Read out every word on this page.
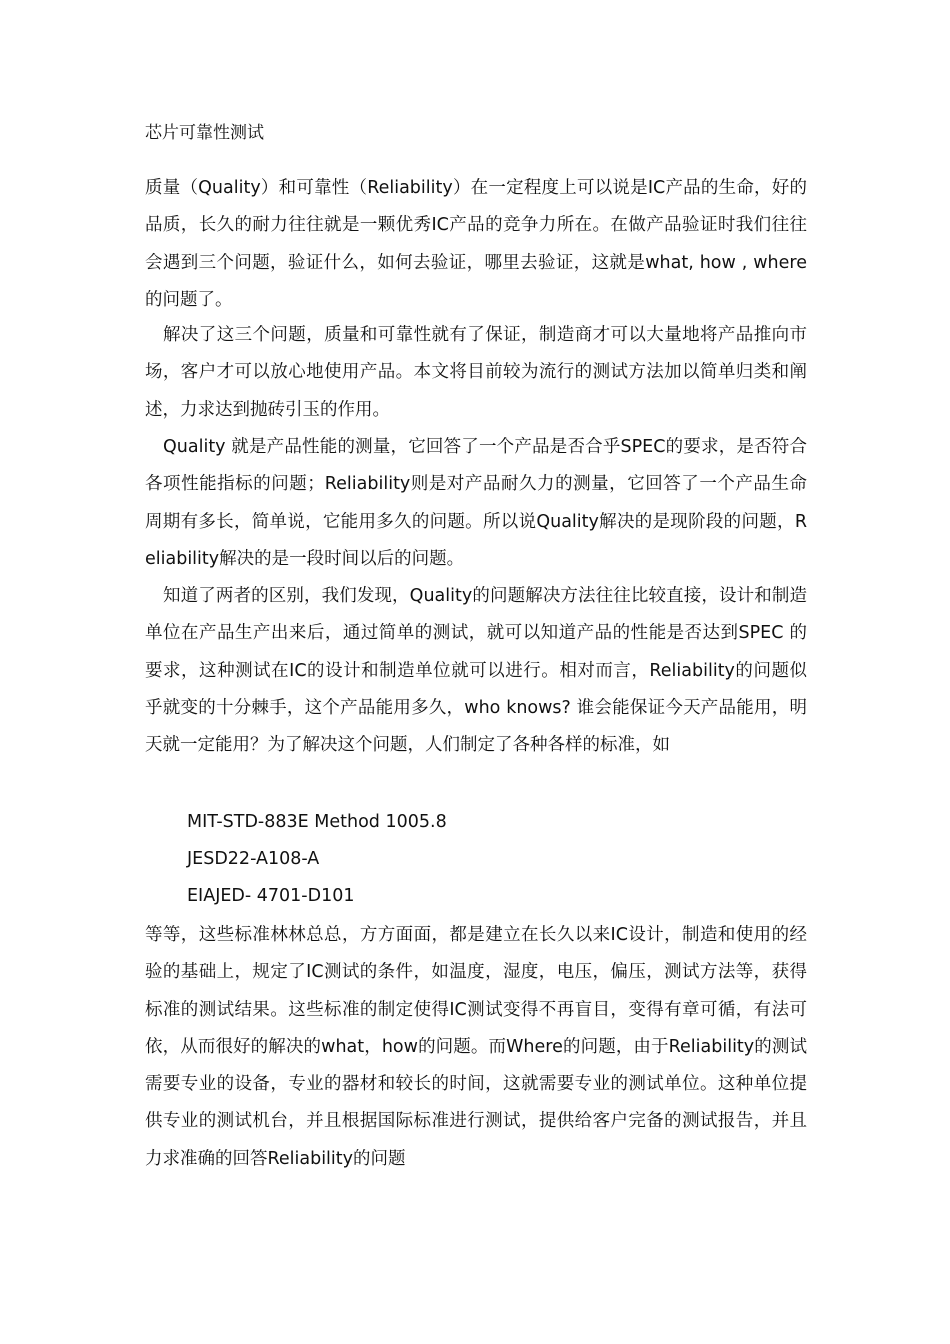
芯片可靠性测试
质量（Quality）和可靠性（Reliability）在一定程度上可以说是IC产品的生命，好的品质，长久的耐力往往就是一颗优秀IC产品的竞争力所在。在做产品验证时我们往往会遇到三个问题，验证什么，如何去验证，哪里去验证，这就是what, how , where 的问题了。
解决了这三个问题，质量和可靠性就有了保证，制造商才可以大量地将产品推向市场，客户才可以放心地使用产品。本文将目前较为流行的测试方法加以简单归类和阐述，力求达到抛砖引玉的作用。
Quality 就是产品性能的测量，它回答了一个产品是否合乎SPEC的要求，是否符合各项性能指标的问题；Reliability则是对产品耐久力的测量，它回答了一个产品生命周期有多长，简单说，它能用多久的问题。所以说Quality解决的是现阶段的问题，Reliability解决的是一段时间以后的问题。
知道了两者的区别，我们发现，Quality的问题解决方法往往比较直接，设计和制造单位在产品生产出来后，通过简单的测试，就可以知道产品的性能是否达到SPEC 的要求，这种测试在IC的设计和制造单位就可以进行。相对而言，Reliability的问题似乎就变的十分棘手，这个产品能用多久，who knows? 谁会能保证今天产品能用，明天就一定能用？为了解决这个问题，人们制定了各种各样的标准，如
MIT-STD-883E Method 1005.8
JESD22-A108-A
EIAJED- 4701-D101
等等，这些标准林林总总，方方面面，都是建立在长久以来IC设计，制造和使用的经验的基础上，规定了IC测试的条件，如温度，湿度，电压，偏压，测试方法等，获得标准的测试结果。这些标准的制定使得IC测试变得不再盲目，变得有章可循，有法可依，从而很好的解决的what，how的问题。而Where的问题，由于Reliability的测试需要专业的设备，专业的器材和较长的时间，这就需要专业的测试单位。这种单位提供专业的测试机台，并且根据国际标准进行测试，提供给客户完备的测试报告，并且力求准确的回答Reliability的问题
